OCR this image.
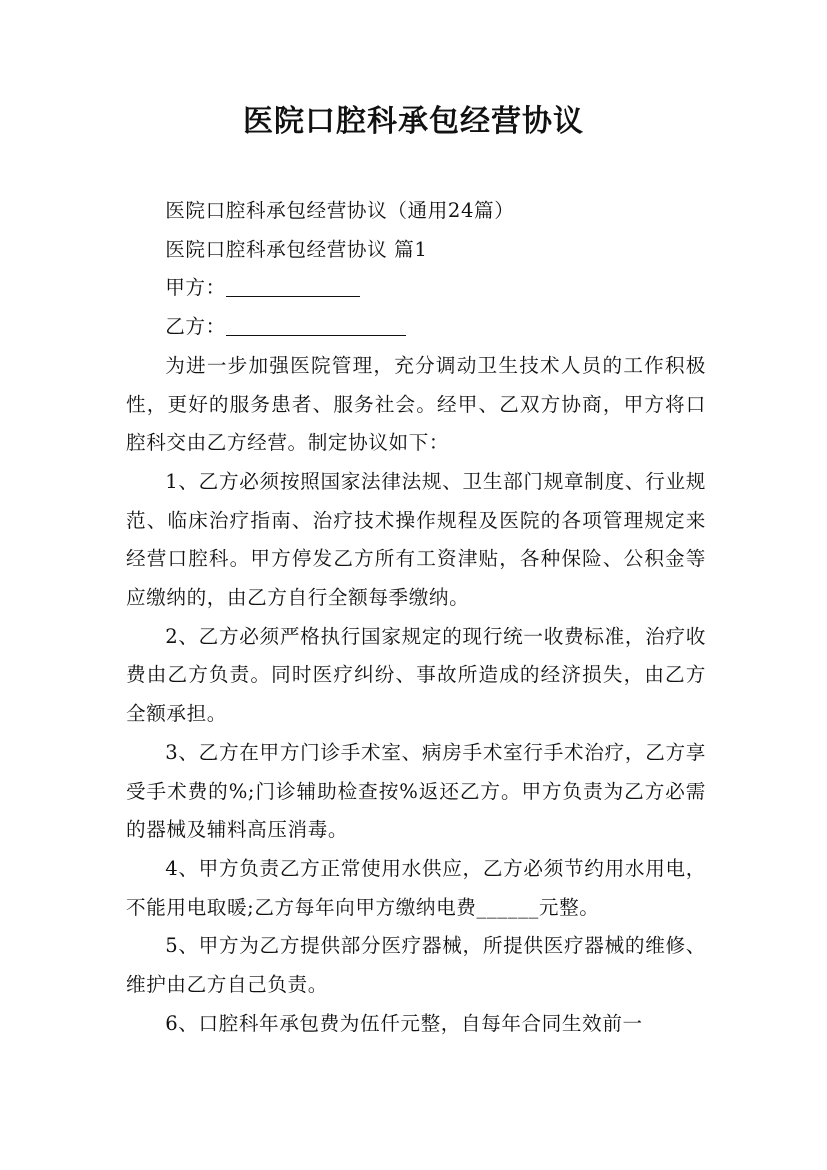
医院口腔科承包经营协议

医院口腔科承包经营协议（通用24篇）

医院口腔科承包经营协议 篇1

甲方：

乙方：

为进一步加强医院管理，充分调动卫生技术人员的工作积极性，更好的服务患者、服务社会。经甲、乙双方协商，甲方将口腔科交由乙方经营。制定协议如下：

1、乙方必须按照国家法律法规、卫生部门规章制度、行业规范、临床治疗指南、治疗技术操作规程及医院的各项管理规定来经营口腔科。甲方停发乙方所有工资津贴，各种保险、公积金等应缴纳的，由乙方自行全额每季缴纳。

2、乙方必须严格执行国家规定的现行统一收费标准，治疗收费由乙方负责。同时医疗纠纷、事故所造成的经济损失，由乙方全额承担。

3、乙方在甲方门诊手术室、病房手术室行手术治疗，乙方享受手术费的%;门诊辅助检查按%返还乙方。甲方负责为乙方必需的器械及辅料高压消毒。

4、甲方负责乙方正常使用水供应，乙方必须节约用水用电，不能用电取暖;乙方每年向甲方缴纳电费______元整。

5、甲方为乙方提供部分医疗器械，所提供医疗器械的维修、维护由乙方自己负责。

6、口腔科年承包费为伍仟元整，自每年合同生效前一
